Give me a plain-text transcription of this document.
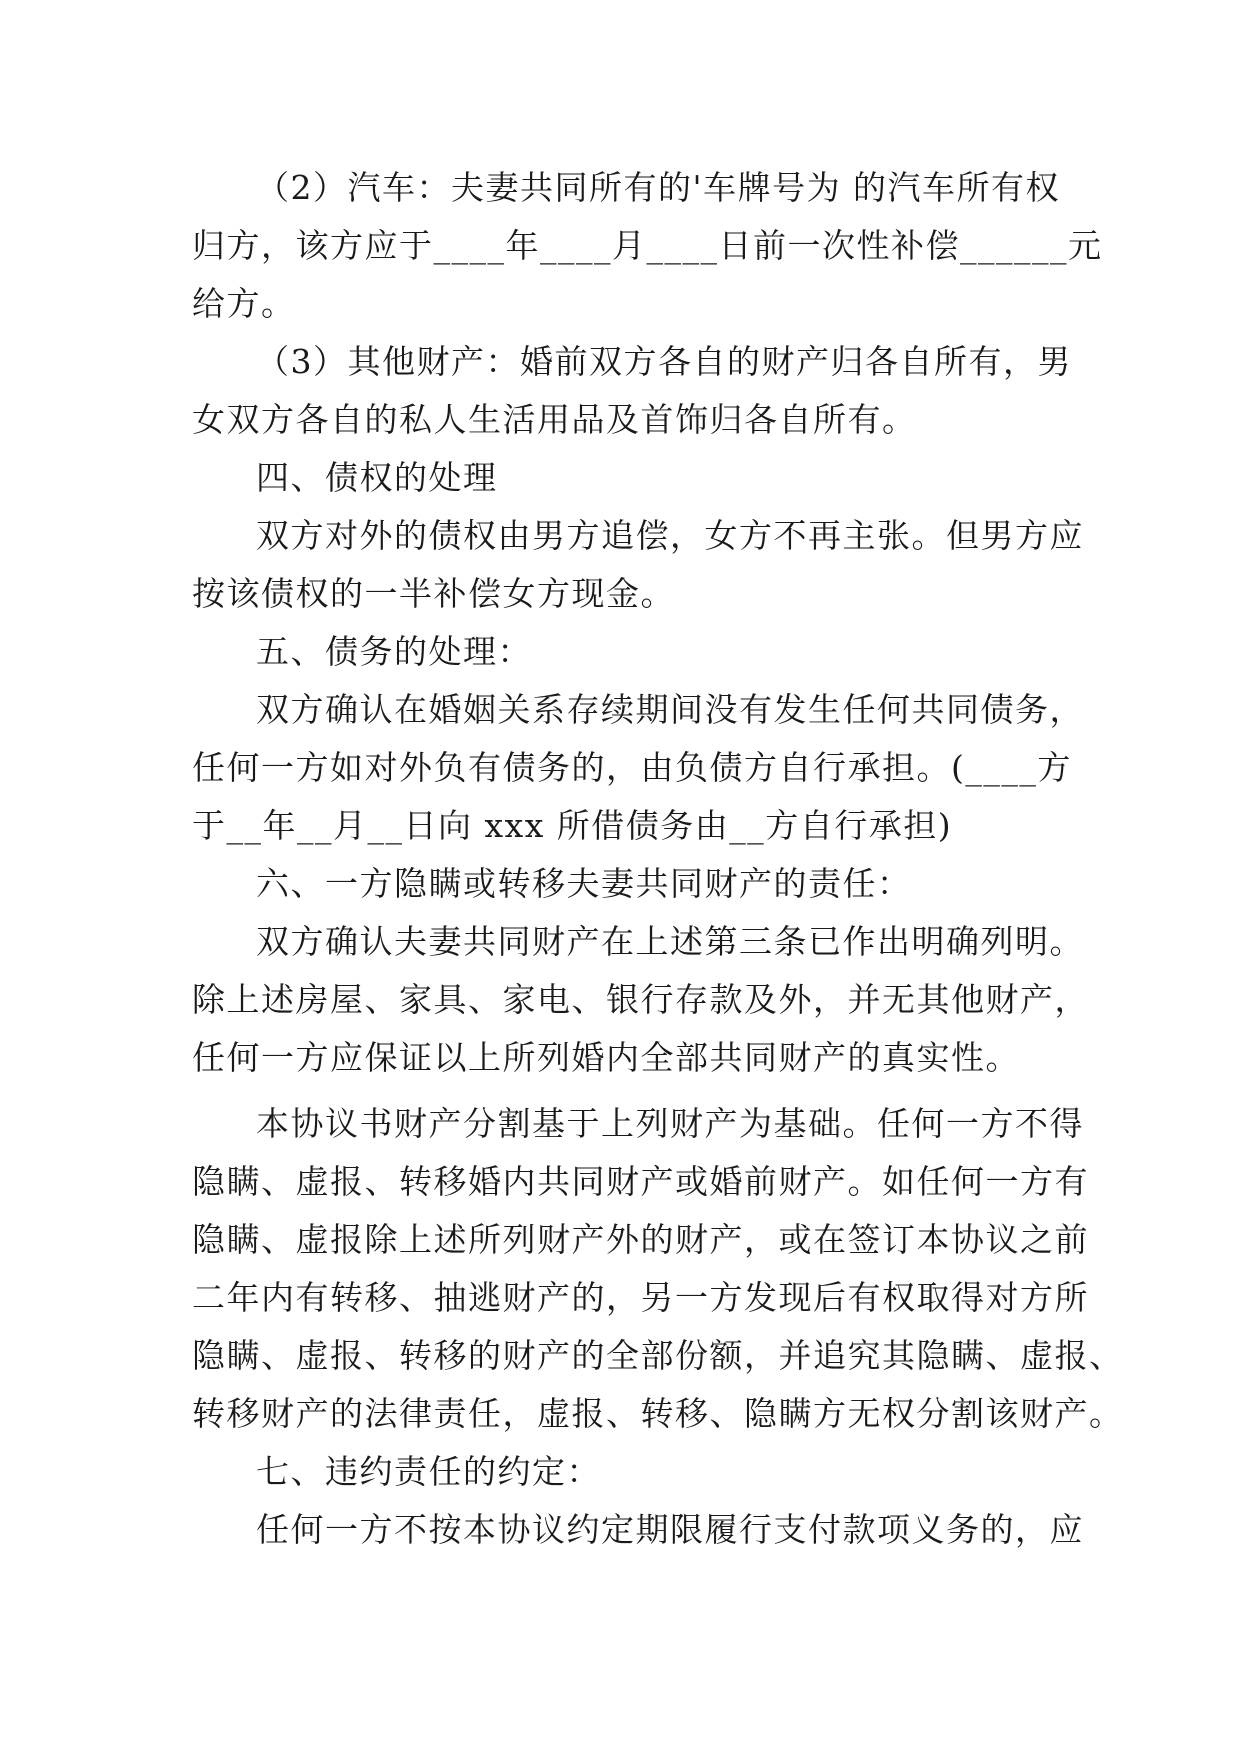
（2）汽车：夫妻共同所有的'车牌号为 的汽车所有权
归方，该方应于____年____月____日前一次性补偿______元
给方。
（3）其他财产：婚前双方各自的财产归各自所有，男
女双方各自的私人生活用品及首饰归各自所有。
四、债权的处理
双方对外的债权由男方追偿，女方不再主张。但男方应
按该债权的一半补偿女方现金。
五、债务的处理：
双方确认在婚姻关系存续期间没有发生任何共同债务，
任何一方如对外负有债务的，由负债方自行承担。(____方
于__年__月__日向 xxx 所借债务由__方自行承担)
六、一方隐瞒或转移夫妻共同财产的责任：
双方确认夫妻共同财产在上述第三条已作出明确列明。
除上述房屋、家具、家电、银行存款及外，并无其他财产，
任何一方应保证以上所列婚内全部共同财产的真实性。
本协议书财产分割基于上列财产为基础。任何一方不得
隐瞒、虚报、转移婚内共同财产或婚前财产。如任何一方有
隐瞒、虚报除上述所列财产外的财产，或在签订本协议之前
二年内有转移、抽逃财产的，另一方发现后有权取得对方所
隐瞒、虚报、转移的财产的全部份额，并追究其隐瞒、虚报、
转移财产的法律责任，虚报、转移、隐瞒方无权分割该财产。
七、违约责任的约定：
任何一方不按本协议约定期限履行支付款项义务的，应
